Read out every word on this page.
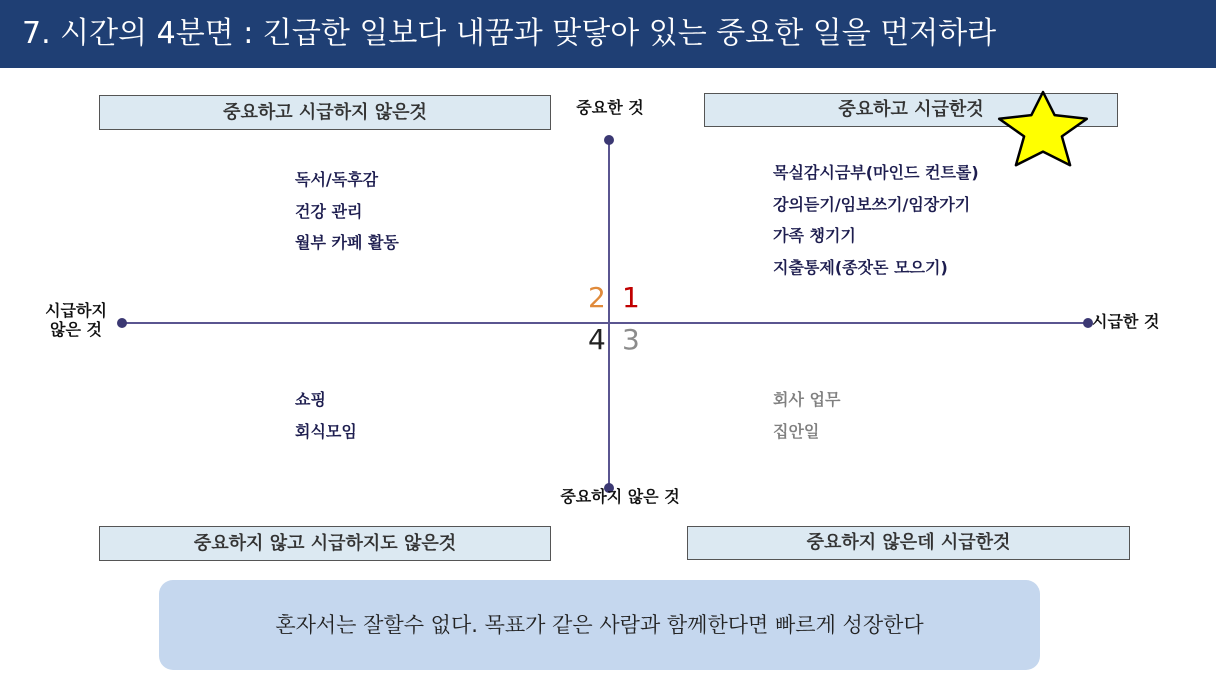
7. 시간의 4분면 : 긴급한 일보다 내꿈과 맞닿아 있는 중요한 일을 먼저하라
중요하고 시급하지 않은것	중요하고 시급한것
중요하지 않고 시급하지도 않은것	중요하지 않은데 시급한것
중요한 것
중요하지 않은 것
시급하지
않은 것	시급한 것
2 1
4 3
독서/독후감
건강 관리
월부 카페 활동
목실감시금부(마인드 컨트롤)
강의듣기/임보쓰기/임장가기
가족 챙기기
지출통제(종잣돈 모으기)
쇼핑
회식모임
회사 업무
집안일
혼자서는 잘할수 없다. 목표가 같은 사람과 함께한다면 빠르게 성장한다
